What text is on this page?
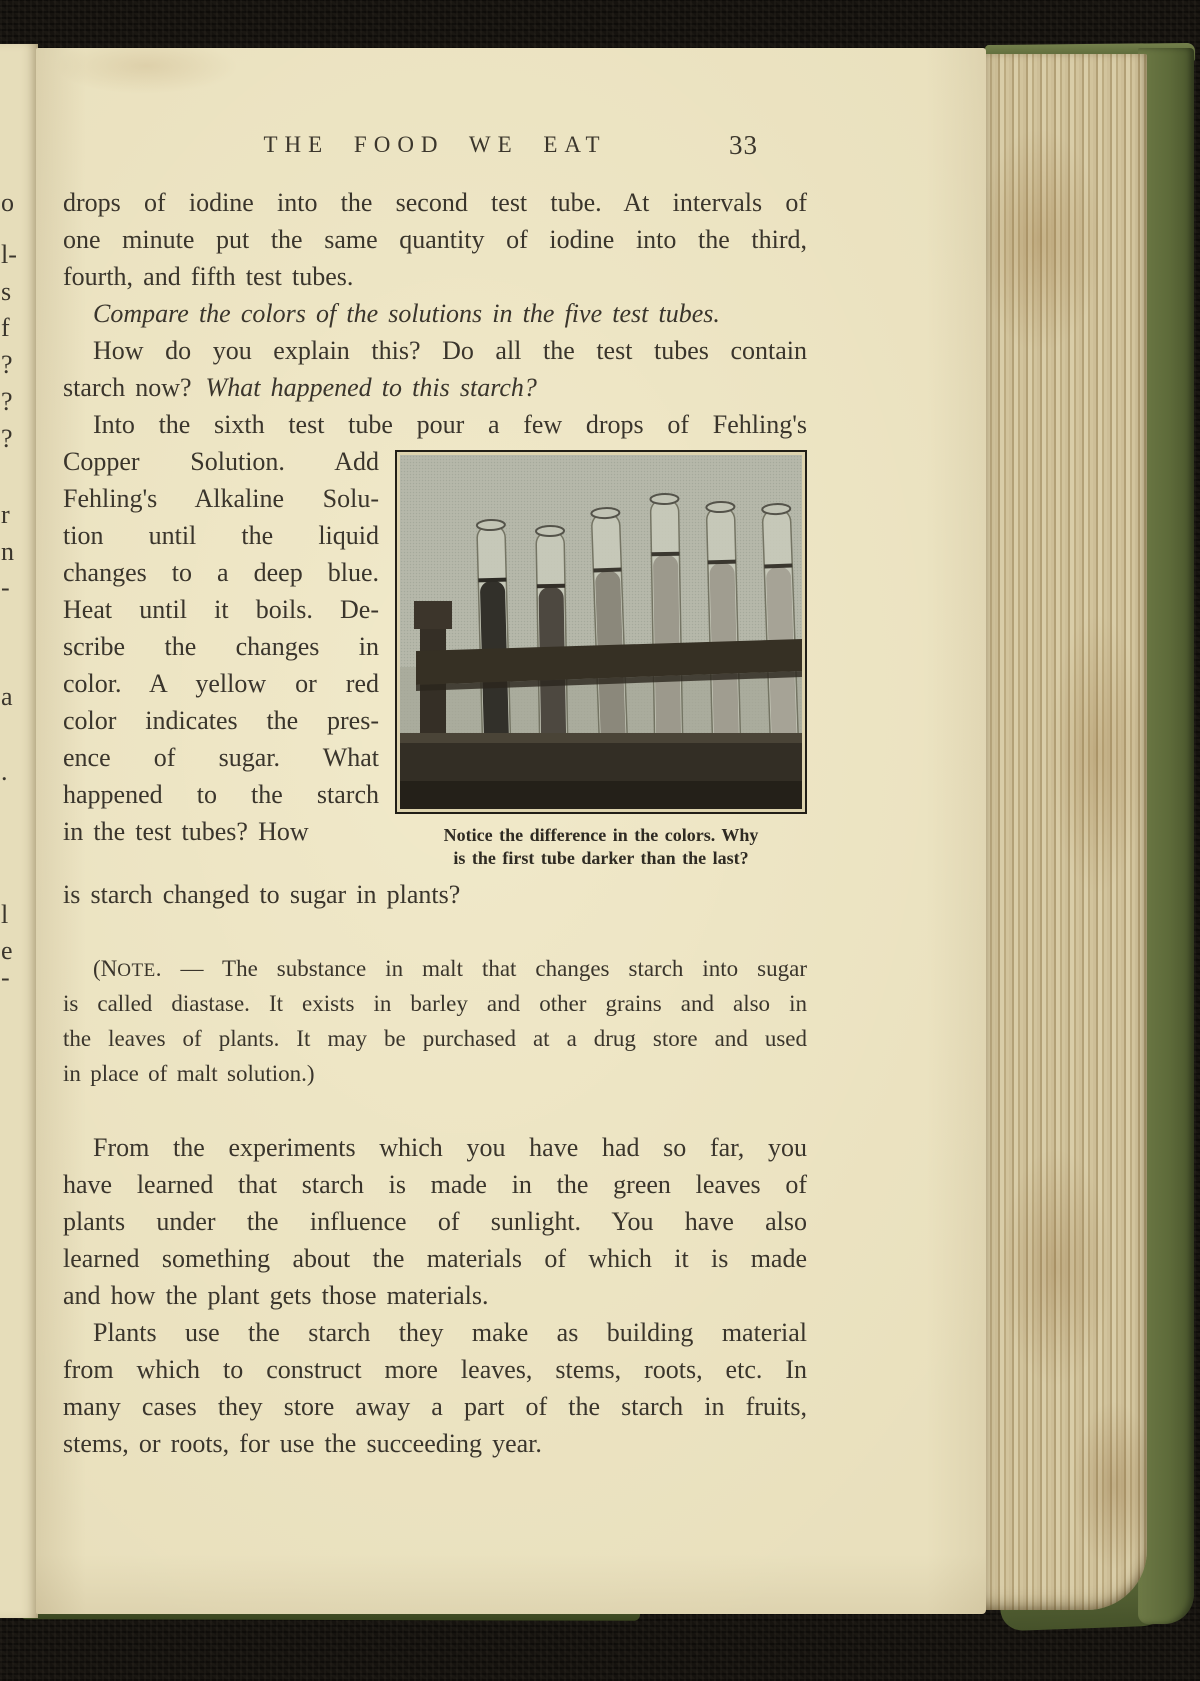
o
l-
s
f
?
?
?
r
n
-
a
.
l
e
-
THE FOOD WE EAT	33
drops of iodine into the second test tube. At intervals of
one minute put the same quantity of iodine into the third,
fourth, and fifth test tubes.
Compare the colors of the solutions in the five test tubes.
How do you explain this? Do all the test tubes contain
starch now? What happened to this starch?
Into the sixth test tube pour a few drops of Fehling's
Notice the difference in the colors. Why
is the first tube darker than the last?
Copper Solution. Add
Fehling's Alkaline Solu-
tion until the liquid
changes to a deep blue.
Heat until it boils. De-
scribe the changes in
color. A yellow or red
color indicates the pres-
ence of sugar. What
happened to the starch
in the test tubes? How
is starch changed to sugar in plants?
(NOTE. — The substance in malt that changes starch into sugar
is called diastase. It exists in barley and other grains and also in
the leaves of plants. It may be purchased at a drug store and used
in place of malt solution.)
From the experiments which you have had so far, you
have learned that starch is made in the green leaves of
plants under the influence of sunlight. You have also
learned something about the materials of which it is made
and how the plant gets those materials.
Plants use the starch they make as building material
from which to construct more leaves, stems, roots, etc. In
many cases they store away a part of the starch in fruits,
stems, or roots, for use the succeeding year.
